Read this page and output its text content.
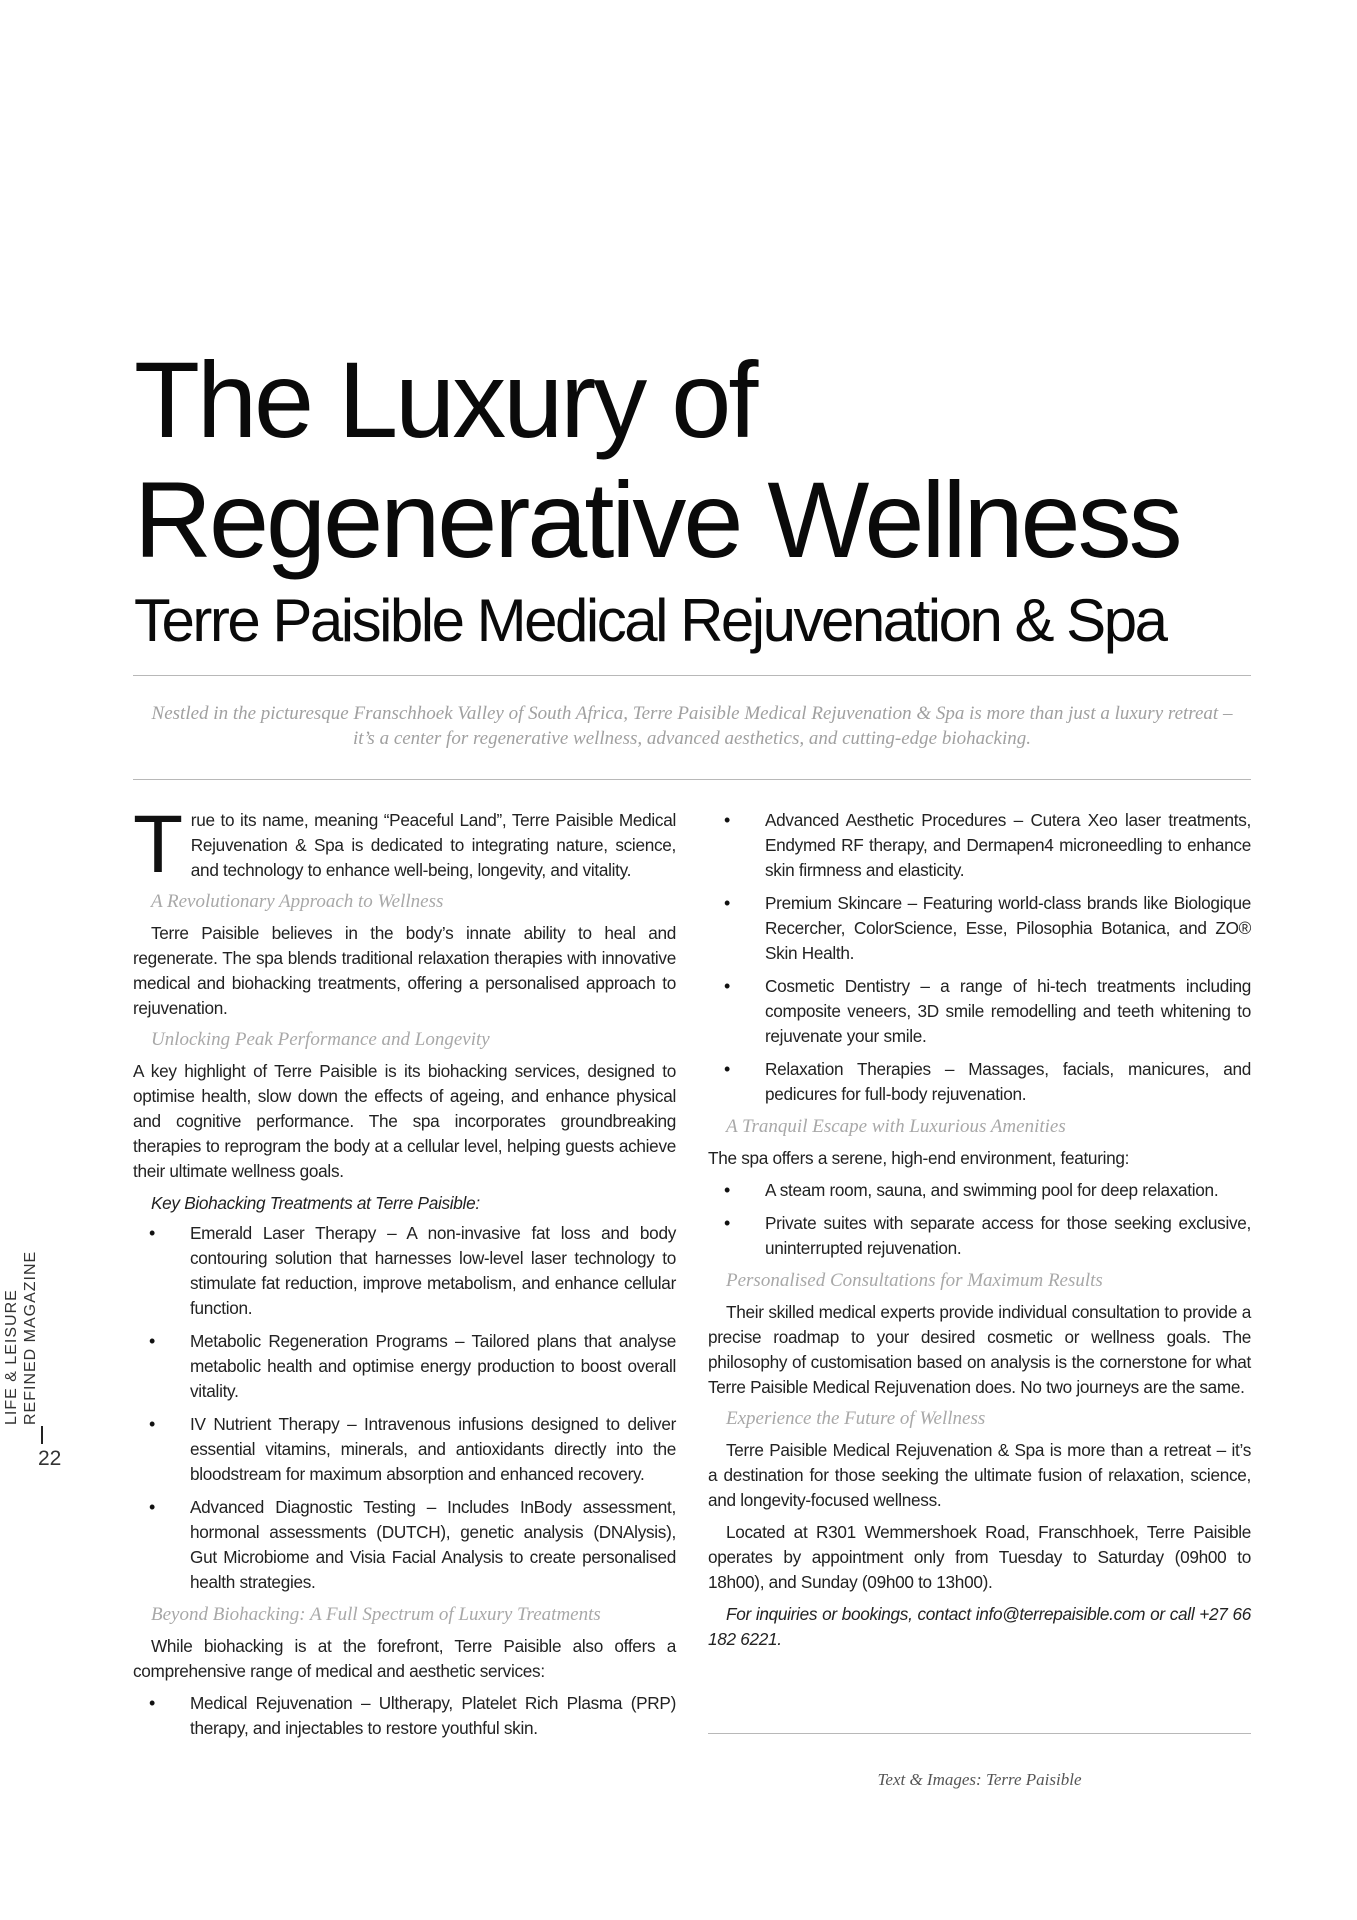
The Luxury of
Regenerative Wellness
Terre Paisible Medical Rejuvenation & Spa

Nestled in the picturesque Franschhoek Valley of South Africa, Terre Paisible Medical Rejuvenation & Spa is more than just a luxury retreat – it’s a center for regenerative wellness, advanced aesthetics, and cutting-edge biohacking.

True to its name, meaning “Peaceful Land”, Terre Paisible Medical Rejuvenation & Spa is dedicated to integrating nature, science, and technology to enhance well-being, longevity, and vitality.

A Revolutionary Approach to Wellness

Terre Paisible believes in the body’s innate ability to heal and regenerate. The spa blends traditional relaxation therapies with innovative medical and biohacking treatments, offering a personalised approach to rejuvenation.

Unlocking Peak Performance and Longevity

A key highlight of Terre Paisible is its biohacking services, designed to optimise health, slow down the effects of ageing, and enhance physical and cognitive performance. The spa incorporates groundbreaking therapies to reprogram the body at a cellular level, helping guests achieve their ultimate wellness goals.

Key Biohacking Treatments at Terre Paisible:
• Emerald Laser Therapy – A non-invasive fat loss and body contouring solution that harnesses low-level laser technology to stimulate fat reduction, improve metabolism, and enhance cellular function.
• Metabolic Regeneration Programs – Tailored plans that analyse metabolic health and optimise energy production to boost overall vitality.
• IV Nutrient Therapy – Intravenous infusions designed to deliver essential vitamins, minerals, and antioxidants directly into the bloodstream for maximum absorption and enhanced recovery.
• Advanced Diagnostic Testing – Includes InBody assessment, hormonal assessments (DUTCH), genetic analysis (DNAlysis), Gut Microbiome and Visia Facial Analysis to create personalised health strategies.
Beyond Biohacking: A Full Spectrum of Luxury Treatments

While biohacking is at the forefront, Terre Paisible also offers a comprehensive range of medical and aesthetic services:

• Medical Rejuvenation – Ultherapy, Platelet Rich Plasma (PRP) therapy, and injectables to restore youthful skin.
• Advanced Aesthetic Procedures – Cutera Xeo laser treatments, Endymed RF therapy, and Dermapen4 microneedling to enhance skin firmness and elasticity.
• Premium Skincare – Featuring world-class brands like Biologique Recercher, ColorScience, Esse, Pilosophia Botanica, and ZO® Skin Health.
• Cosmetic Dentistry – a range of hi-tech treatments including composite veneers, 3D smile remodelling and teeth whitening to rejuvenate your smile.
• Relaxation Therapies – Massages, facials, manicures, and pedicures for full-body rejuvenation.
A Tranquil Escape with Luxurious Amenities

The spa offers a serene, high-end environment, featuring:

• A steam room, sauna, and swimming pool for deep relaxation.
• Private suites with separate access for those seeking exclusive, uninterrupted rejuvenation.
Personalised Consultations for Maximum Results

Their skilled medical experts provide individual consultation to provide a precise roadmap to your desired cosmetic or wellness goals. The philosophy of customisation based on analysis is the cornerstone for what Terre Paisible Medical Rejuvenation does. No two journeys are the same.

Experience the Future of Wellness

Terre Paisible Medical Rejuvenation & Spa is more than a retreat – it’s a destination for those seeking the ultimate fusion of relaxation, science, and longevity-focused wellness.

Located at R301 Wemmershoek Road, Franschhoek, Terre Paisible operates by appointment only from Tuesday to Saturday (09h00 to 18h00), and Sunday (09h00 to 13h00).

For inquiries or bookings, contact info@terrepaisible.com or call +27 66 182 6221.

Text & Images: Terre Paisible

LIFE & LEISURE REFINED MAGAZINE
22
